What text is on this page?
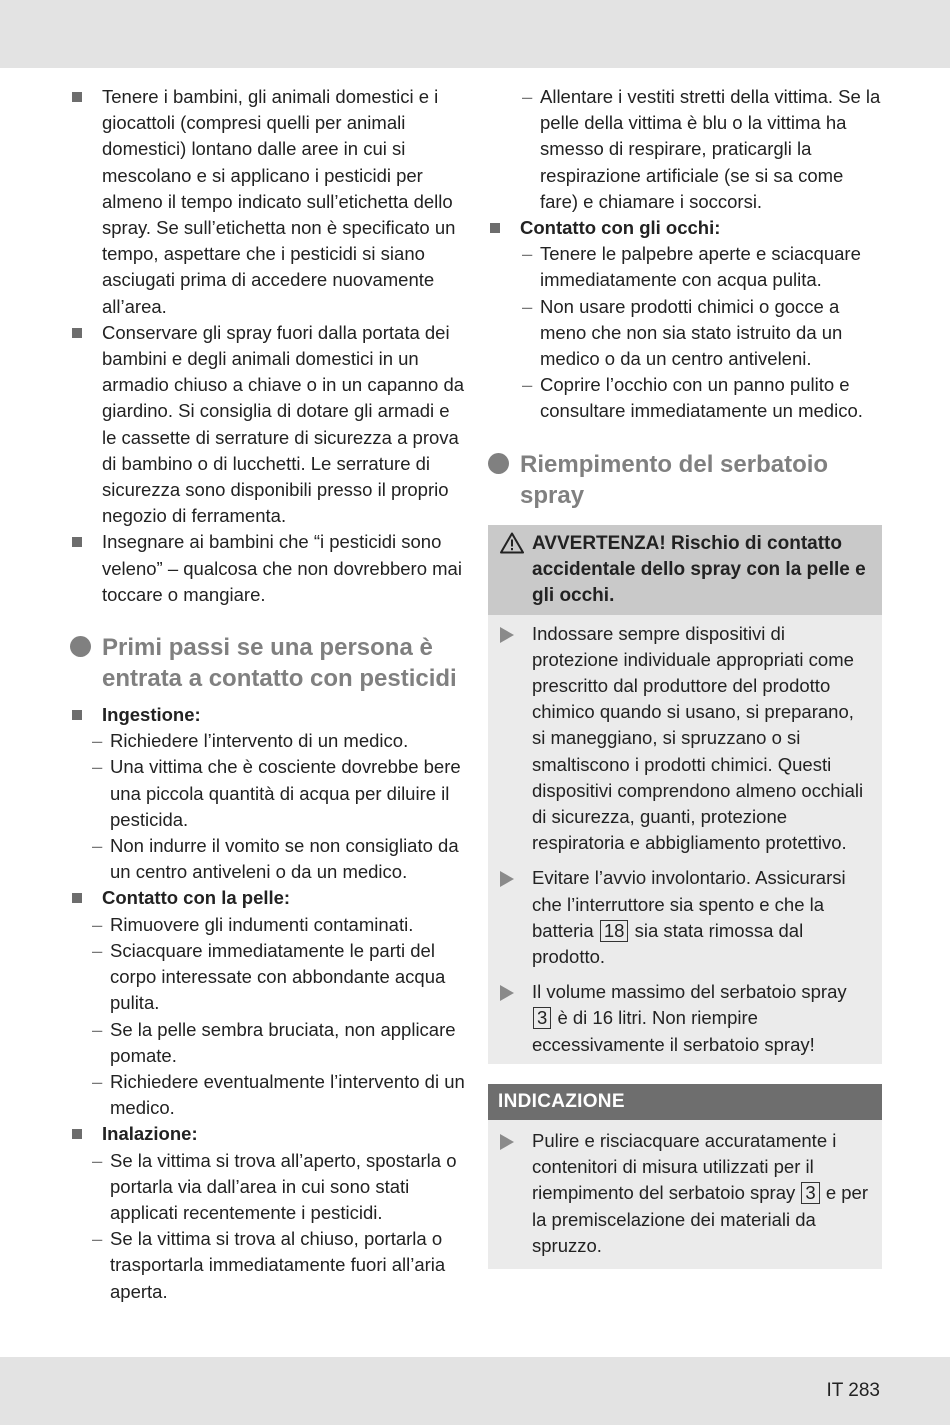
Tenere i bambini, gli animali domestici e i giocattoli (compresi quelli per animali domestici) lontano dalle aree in cui si mescolano e si applicano i pesticidi per almeno il tempo indicato sull’etichetta dello spray. Se sull’etichetta non è specificato un tempo, aspettare che i pesticidi si siano asciugati prima di accedere nuovamente all’area.
Conservare gli spray fuori dalla portata dei bambini e degli animali domestici in un armadio chiuso a chiave o in un capanno da giardino. Si consiglia di dotare gli armadi e le cassette di serrature di sicurezza a prova di bambino o di lucchetti. Le serrature di sicurezza sono disponibili presso il proprio negozio di ferramenta.
Insegnare ai bambini che “i pesticidi sono veleno” – qualcosa che non dovrebbero mai toccare o mangiare.
Primi passi se una persona è entrata a contatto con pesticidi
Ingestione:
– Richiedere l’intervento di un medico.
– Una vittima che è cosciente dovrebbe bere una piccola quantità di acqua per diluire il pesticida.
– Non indurre il vomito se non consigliato da un centro antiveleni o da un medico.
Contatto con la pelle:
– Rimuovere gli indumenti contaminati.
– Sciacquare immediatamente le parti del corpo interessate con abbondante acqua pulita.
– Se la pelle sembra bruciata, non applicare pomate.
– Richiedere eventualmente l’intervento di un medico.
Inalazione:
– Se la vittima si trova all’aperto, spostarla o portarla via dall’area in cui sono stati applicati recentemente i pesticidi.
– Se la vittima si trova al chiuso, portarla o trasportarla immediatamente fuori all’aria aperta.
– Allentare i vestiti stretti della vittima. Se la pelle della vittima è blu o la vittima ha smesso di respirare, praticargli la respirazione artificiale (se si sa come fare) e chiamare i soccorsi.
Contatto con gli occhi:
– Tenere le palpebre aperte e sciacquare immediatamente con acqua pulita.
– Non usare prodotti chimici o gocce a meno che non sia stato istruito da un medico o da un centro antiveleni.
– Coprire l’occhio con un panno pulito e consultare immediatamente un medico.
Riempimento del serbatoio spray
AVVERTENZA! Rischio di contatto accidentale dello spray con la pelle e gli occhi.
Indossare sempre dispositivi di protezione individuale appropriati come prescritto dal produttore del prodotto chimico quando si usano, si preparano, si maneggiano, si spruzzano o si smaltiscono i prodotti chimici. Questi dispositivi comprendono almeno occhiali di sicurezza, guanti, protezione respiratoria e abbigliamento protettivo.
Evitare l’avvio involontario. Assicurarsi che l’interruttore sia spento e che la batteria 18 sia stata rimossa dal prodotto.
Il volume massimo del serbatoio spray 3 è di 16 litri. Non riempire eccessivamente il serbatoio spray!
INDICAZIONE
Pulire e risciacquare accuratamente i contenitori di misura utilizzati per il riempimento del serbatoio spray 3 e per la premiscelazione dei materiali da spruzzo.
IT 283
